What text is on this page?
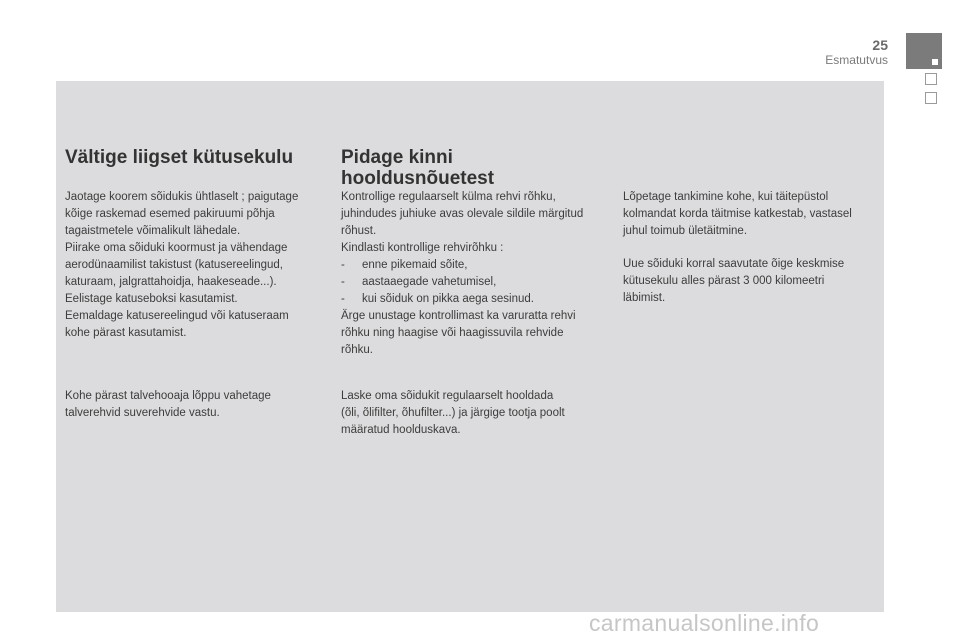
25
Esmatutvus
Vältige liigset kütusekulu
Jaotage koorem sõidukis ühtlaselt ; paigutage
kõige raskemad esemed pakiruumi põhja
tagaistmetele võimalikult lähedale.
Piirake oma sõiduki koormust ja vähendage
aerodünaamilist takistust (katusereelingud,
katuraam, jalgrattahoidja, haakeseade...).
Eelistage katuseboksi kasutamist.
Eemaldage katusereelingud või katuseraam
kohe pärast kasutamist.
Kohe pärast talvehooaja lõppu vahetage
talverehvid suverehvide vastu.
Pidage kinni
hooldusnõuetest
Kontrollige regulaarselt külma rehvi rõhku,
juhindudes juhiuke avas olevale sildile märgitud
rõhust.
Kindlasti kontrollige rehvirõhku :
- enne pikemaid sõite,
- aastaaegade vahetumisel,
- kui sõiduk on pikka aega sesinud.
Ärge unustage kontrollimast ka varuratta rehvi
rõhku ning haagise või haagissuvila rehvide
rõhku.
Laske oma sõidukit regulaarselt hooldada
(õli, õlifilter, õhufilter...) ja järgige tootja poolt
määratud hoolduskava.
Lõpetage tankimine kohe, kui täitepüstol
kolmandat korda täitmise katkestab, vastasel
juhul toimub ületäitmine.
Uue sõiduki korral saavutate õige keskmise
kütusekulu alles pärast 3 000 kilomeetri
läbimist.
carmanualsonline.info
